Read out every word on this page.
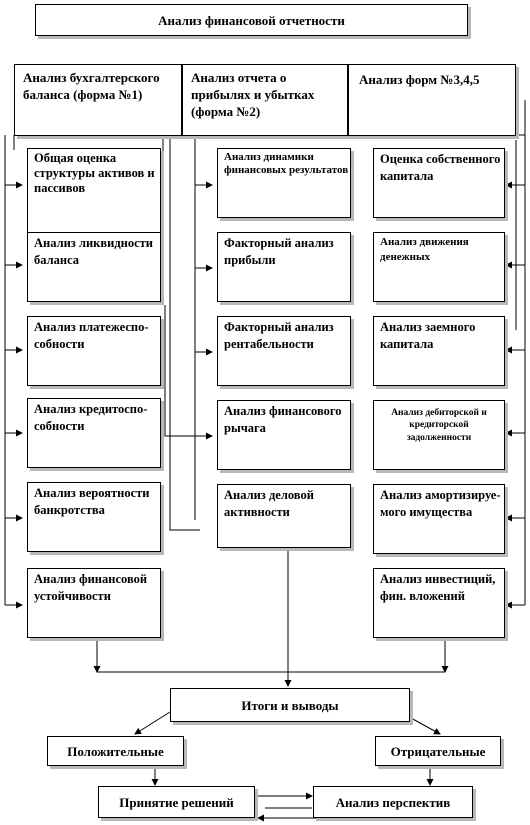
Анализ финансовой отчетности
Анализ бухгалтерского баланса (форма №1)
Анализ отчета о прибылях и убытках (форма №2)
Анализ форм №3,4,5
Общая оценка структуры активов и пассивов
Анализ ликвидности баланса
Анализ платежеспо-собности
Анализ кредитоспо-собности
Анализ вероятности банкротства
Анализ финансовой устойчивости
Анализ динамики финансовых результатов
Факторный анализ прибыли
Факторный анализ рентабельности
Анализ финансового рычага
Анализ деловой активности
Оценка собственного капитала
Анализ движения денежных
Анализ заемного капитала
Анализ дебиторской и кредиторской задолженности
Анализ амортизируе-мого имущества
Анализ инвестиций, фин. вложений
Итоги и выводы
Положительные	Отрицательные
Принятие решений	Анализ перспектив
